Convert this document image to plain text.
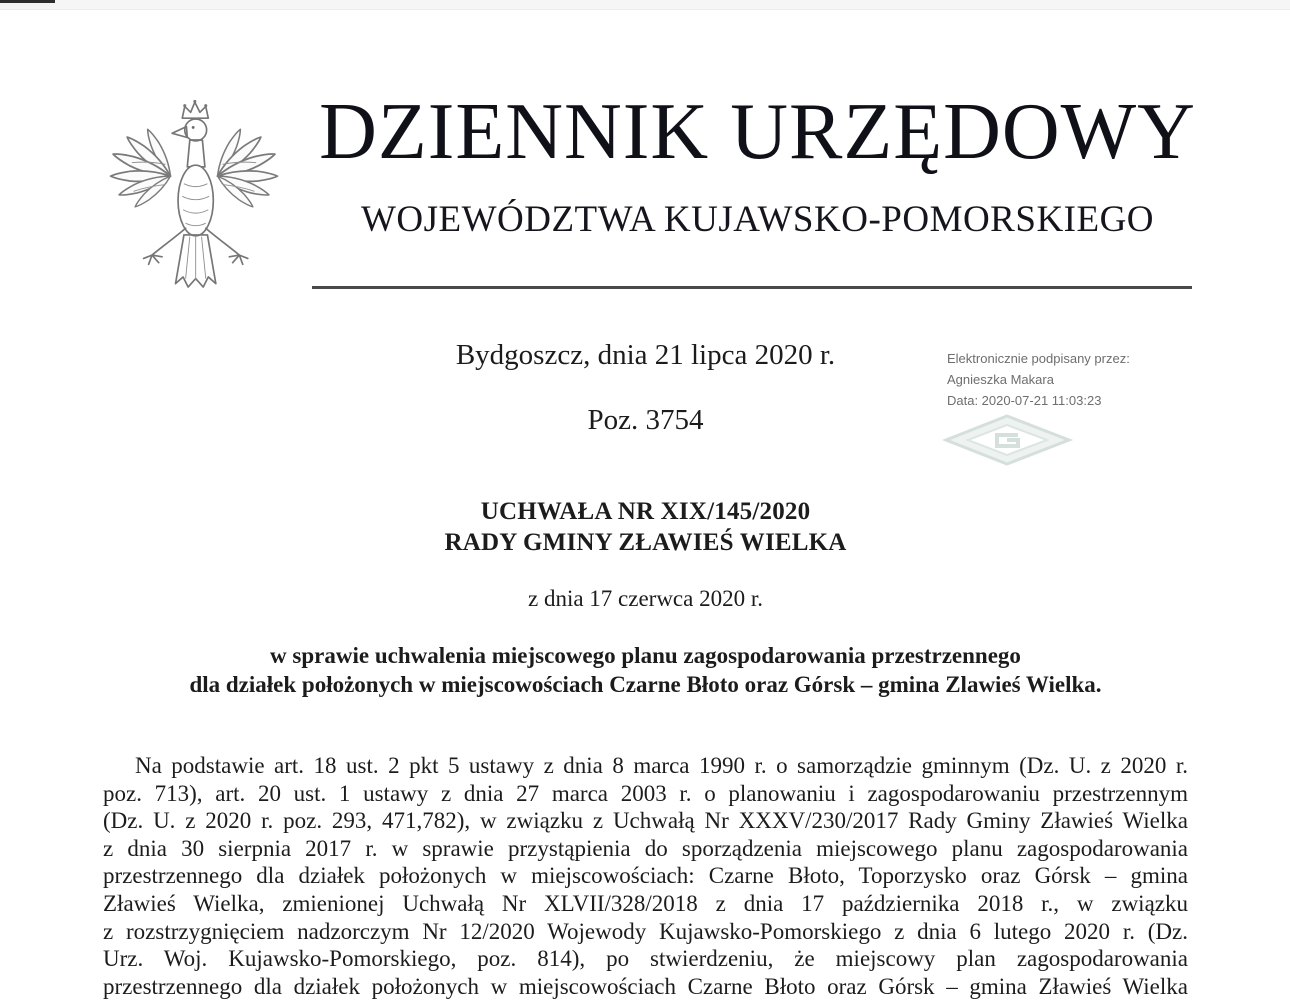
DZIENNIK URZĘDOWY
WOJEWÓDZTWA KUJAWSKO-POMORSKIEGO
Bydgoszcz, dnia 21 lipca 2020 r.	Elektronicznie podpisany przez:
Agnieszka Makara
Data: 2020-07-21 11:03:23
Poz. 3754
UCHWAŁA NR XIX/145/2020
RADY GMINY ZŁAWIEŚ WIELKA
z dnia 17 czerwca 2020 r.
w sprawie uchwalenia miejscowego planu zagospodarowania przestrzennego
dla działek położonych w miejscowościach Czarne Błoto oraz Górsk – gmina Zlawieś Wielka.
Na podstawie art. 18 ust. 2 pkt 5 ustawy z dnia 8 marca 1990 r. o samorządzie gminnym (Dz. U. z 2020 r.
poz. 713), art. 20 ust. 1 ustawy z dnia 27 marca 2003 r. o planowaniu i zagospodarowaniu przestrzennym
(Dz. U. z 2020 r. poz. 293, 471,782), w związku z Uchwałą Nr XXXV/230/2017 Rady Gminy Zławieś Wielka
z dnia 30 sierpnia 2017 r. w sprawie przystąpienia do sporządzenia miejscowego planu zagospodarowania
przestrzennego dla działek położonych w miejscowościach: Czarne Błoto, Toporzysko oraz Górsk – gmina
Zławieś Wielka, zmienionej Uchwałą Nr XLVII/328/2018 z dnia 17 października 2018 r., w związku
z rozstrzygnięciem nadzorczym Nr 12/2020 Wojewody Kujawsko-Pomorskiego z dnia 6 lutego 2020 r. (Dz.
Urz. Woj. Kujawsko-Pomorskiego, poz. 814), po stwierdzeniu, że miejscowy plan zagospodarowania
przestrzennego dla działek położonych w miejscowościach Czarne Błoto oraz Górsk – gmina Zławieś Wielka
